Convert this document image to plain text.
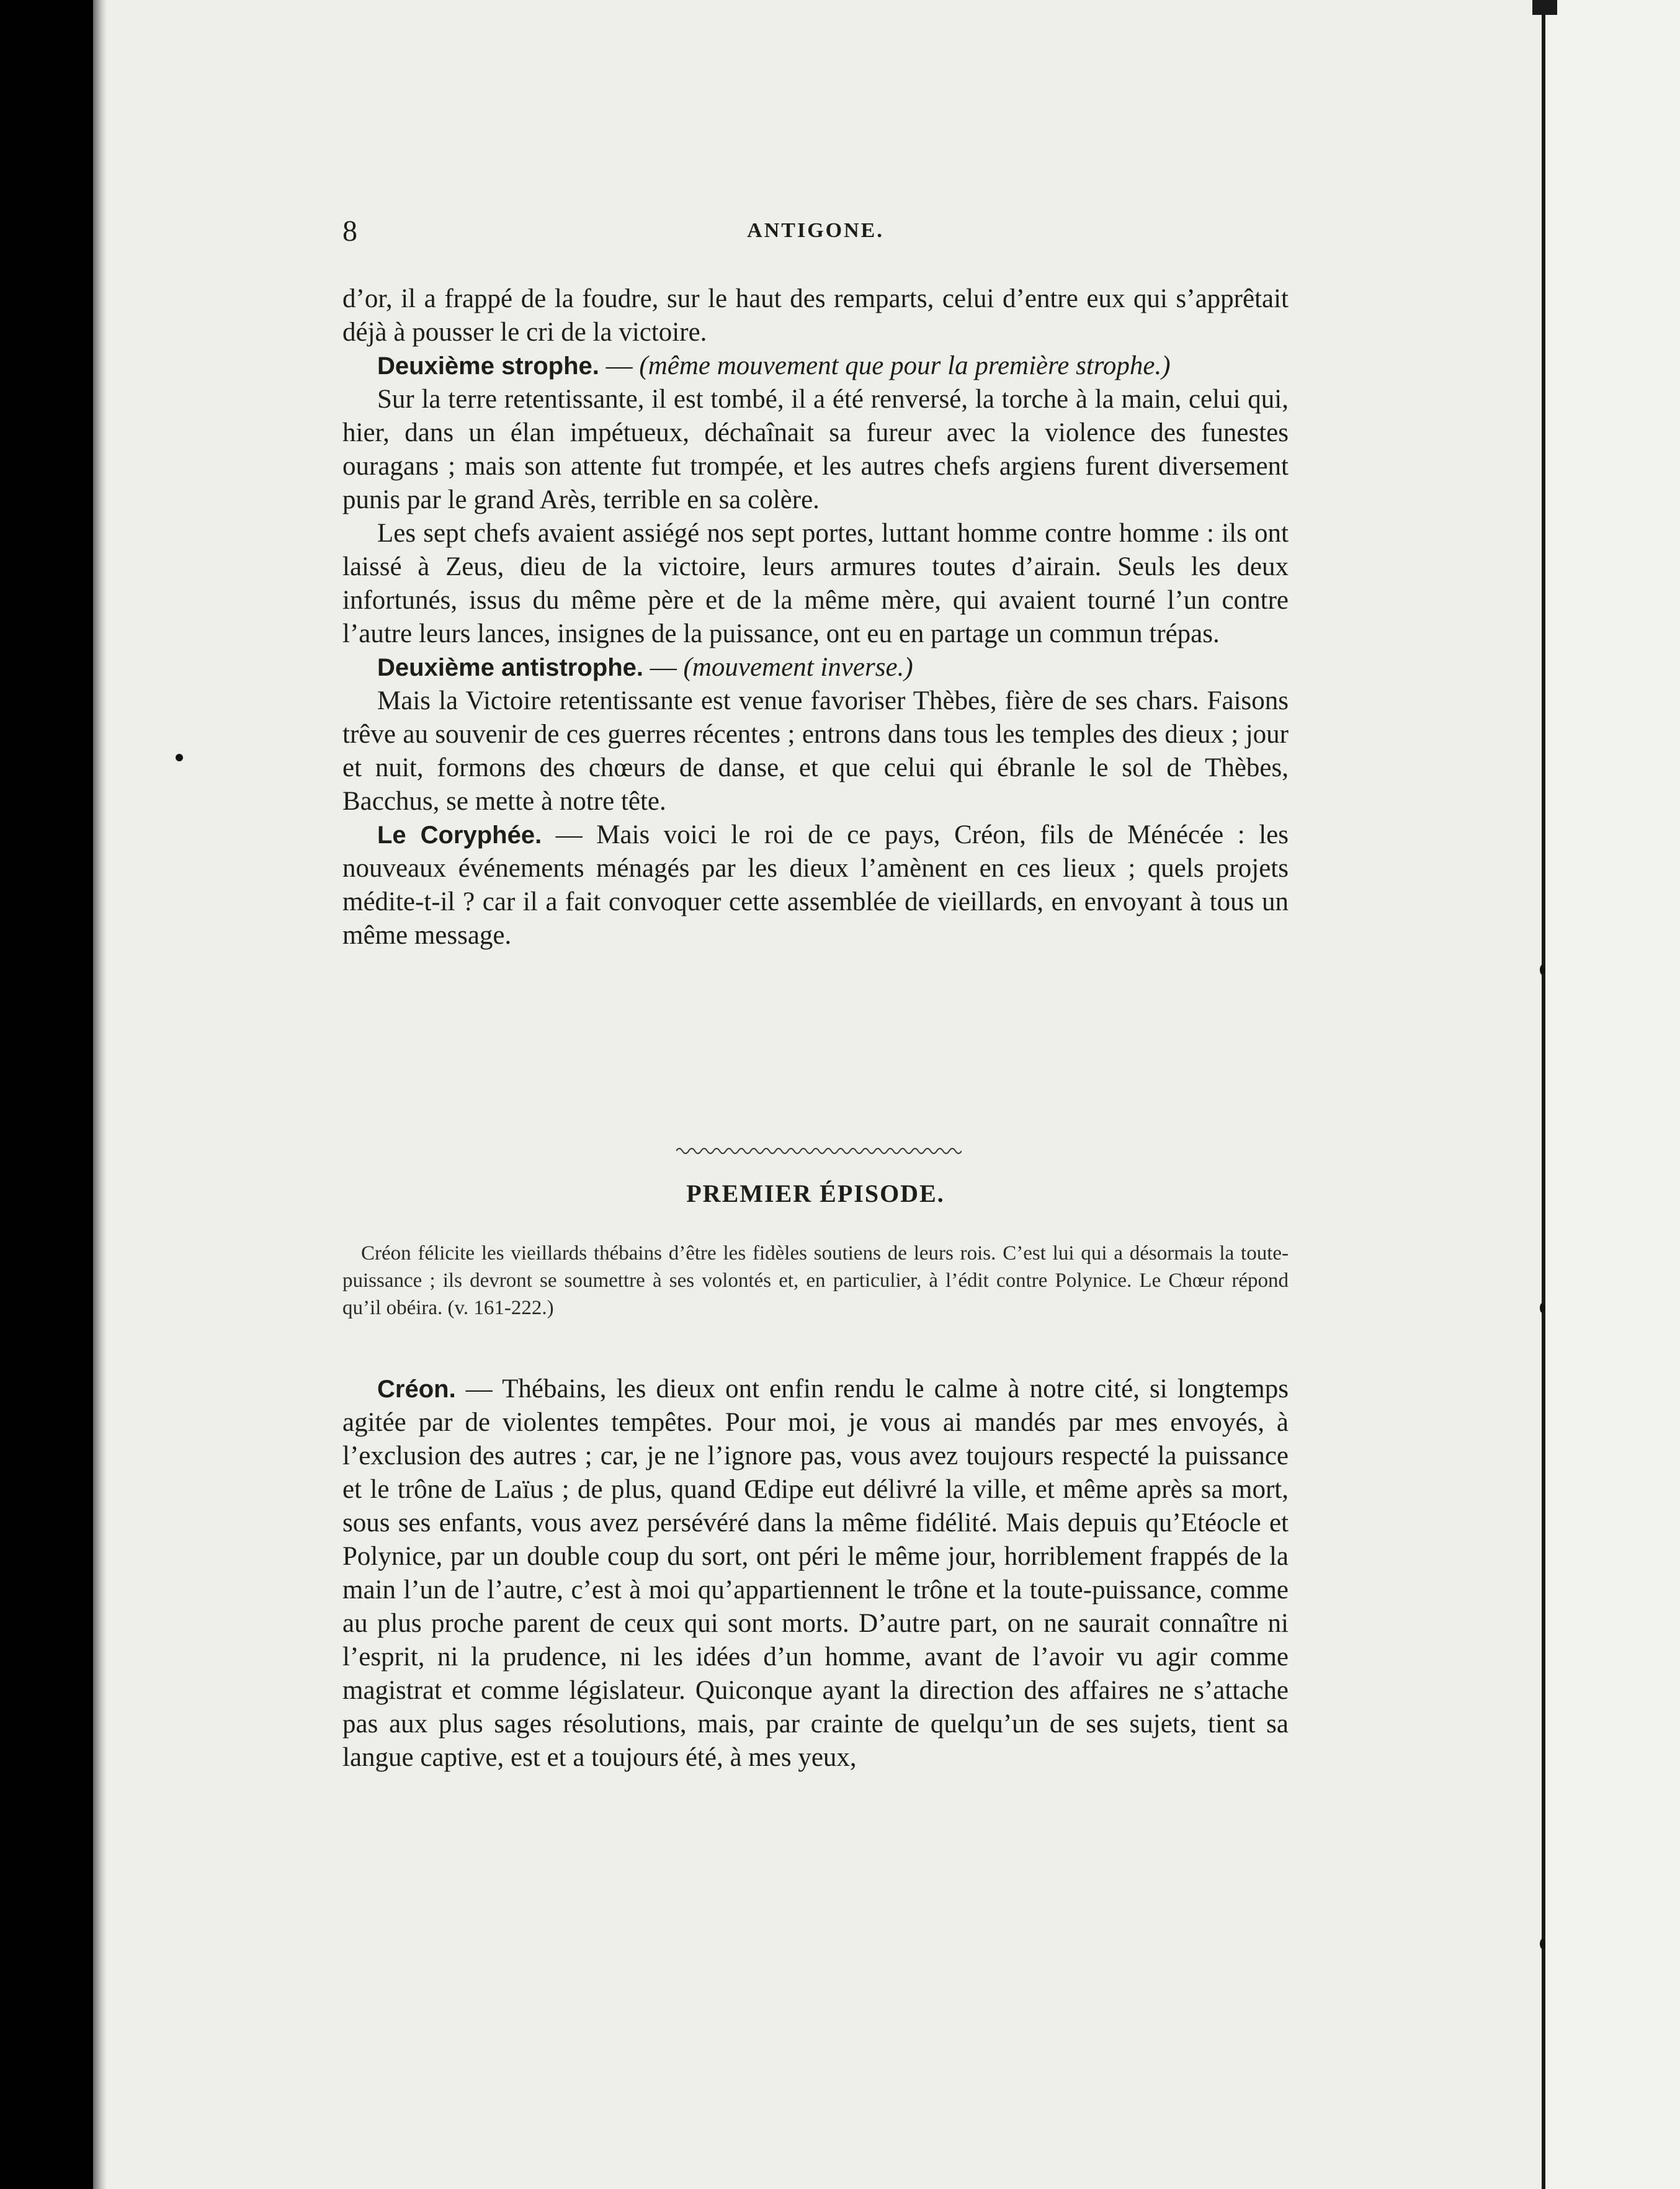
8	ANTIGONE.

d’or, il a frappé de la foudre, sur le haut des remparts, celui d’entre eux qui s’apprêtait déjà à pousser le cri de la victoire.

Deuxième strophe. — (même mouvement que pour la première strophe.)

Sur la terre retentissante, il est tombé, il a été renversé, la torche à la main, celui qui, hier, dans un élan impétueux, déchaînait sa fureur avec la violence des funestes ouragans ; mais son attente fut trompée, et les autres chefs argiens furent diversement punis par le grand Arès, terrible en sa colère.

Les sept chefs avaient assiégé nos sept portes, luttant homme contre homme : ils ont laissé à Zeus, dieu de la victoire, leurs armures toutes d’airain. Seuls les deux infortunés, issus du même père et de la même mère, qui avaient tourné l’un contre l’autre leurs lances, insignes de la puissance, ont eu en partage un commun trépas.

Deuxième antistrophe. — (mouvement inverse.)

Mais la Victoire retentissante est venue favoriser Thèbes, fière de ses chars. Faisons trêve au souvenir de ces guerres récentes ; entrons dans tous les temples des dieux ; jour et nuit, formons des chœurs de danse, et que celui qui ébranle le sol de Thèbes, Bacchus, se mette à notre tête.

Le Coryphée. — Mais voici le roi de ce pays, Créon, fils de Ménécée : les nouveaux événements ménagés par les dieux l’amènent en ces lieux ; quels projets médite-t-il ? car il a fait convoquer cette assemblée de vieillards, en envoyant à tous un même message.

PREMIER ÉPISODE.
Créon félicite les vieillards thébains d’être les fidèles soutiens de leurs rois. C’est lui qui a désormais la toute-puissance ; ils devront se soumettre à ses volontés et, en particulier, à l’édit contre Polynice. Le Chœur répond qu’il obéira. (v. 161-222.)

Créon. — Thébains, les dieux ont enfin rendu le calme à notre cité, si longtemps agitée par de violentes tempêtes. Pour moi, je vous ai mandés par mes envoyés, à l’exclusion des autres ; car, je ne l’ignore pas, vous avez toujours respecté la puissance et le trône de Laïus ; de plus, quand Œdipe eut délivré la ville, et même après sa mort, sous ses enfants, vous avez persévéré dans la même fidélité. Mais depuis qu’Etéocle et Polynice, par un double coup du sort, ont péri le même jour, horriblement frappés de la main l’un de l’autre, c’est à moi qu’appartiennent le trône et la toute-puissance, comme au plus proche parent de ceux qui sont morts. D’autre part, on ne saurait connaître ni l’esprit, ni la prudence, ni les idées d’un homme, avant de l’avoir vu agir comme magistrat et comme législateur. Quiconque ayant la direction des affaires ne s’attache pas aux plus sages résolutions, mais, par crainte de quelqu’un de ses sujets, tient sa langue captive, est et a toujours été, à mes yeux,
